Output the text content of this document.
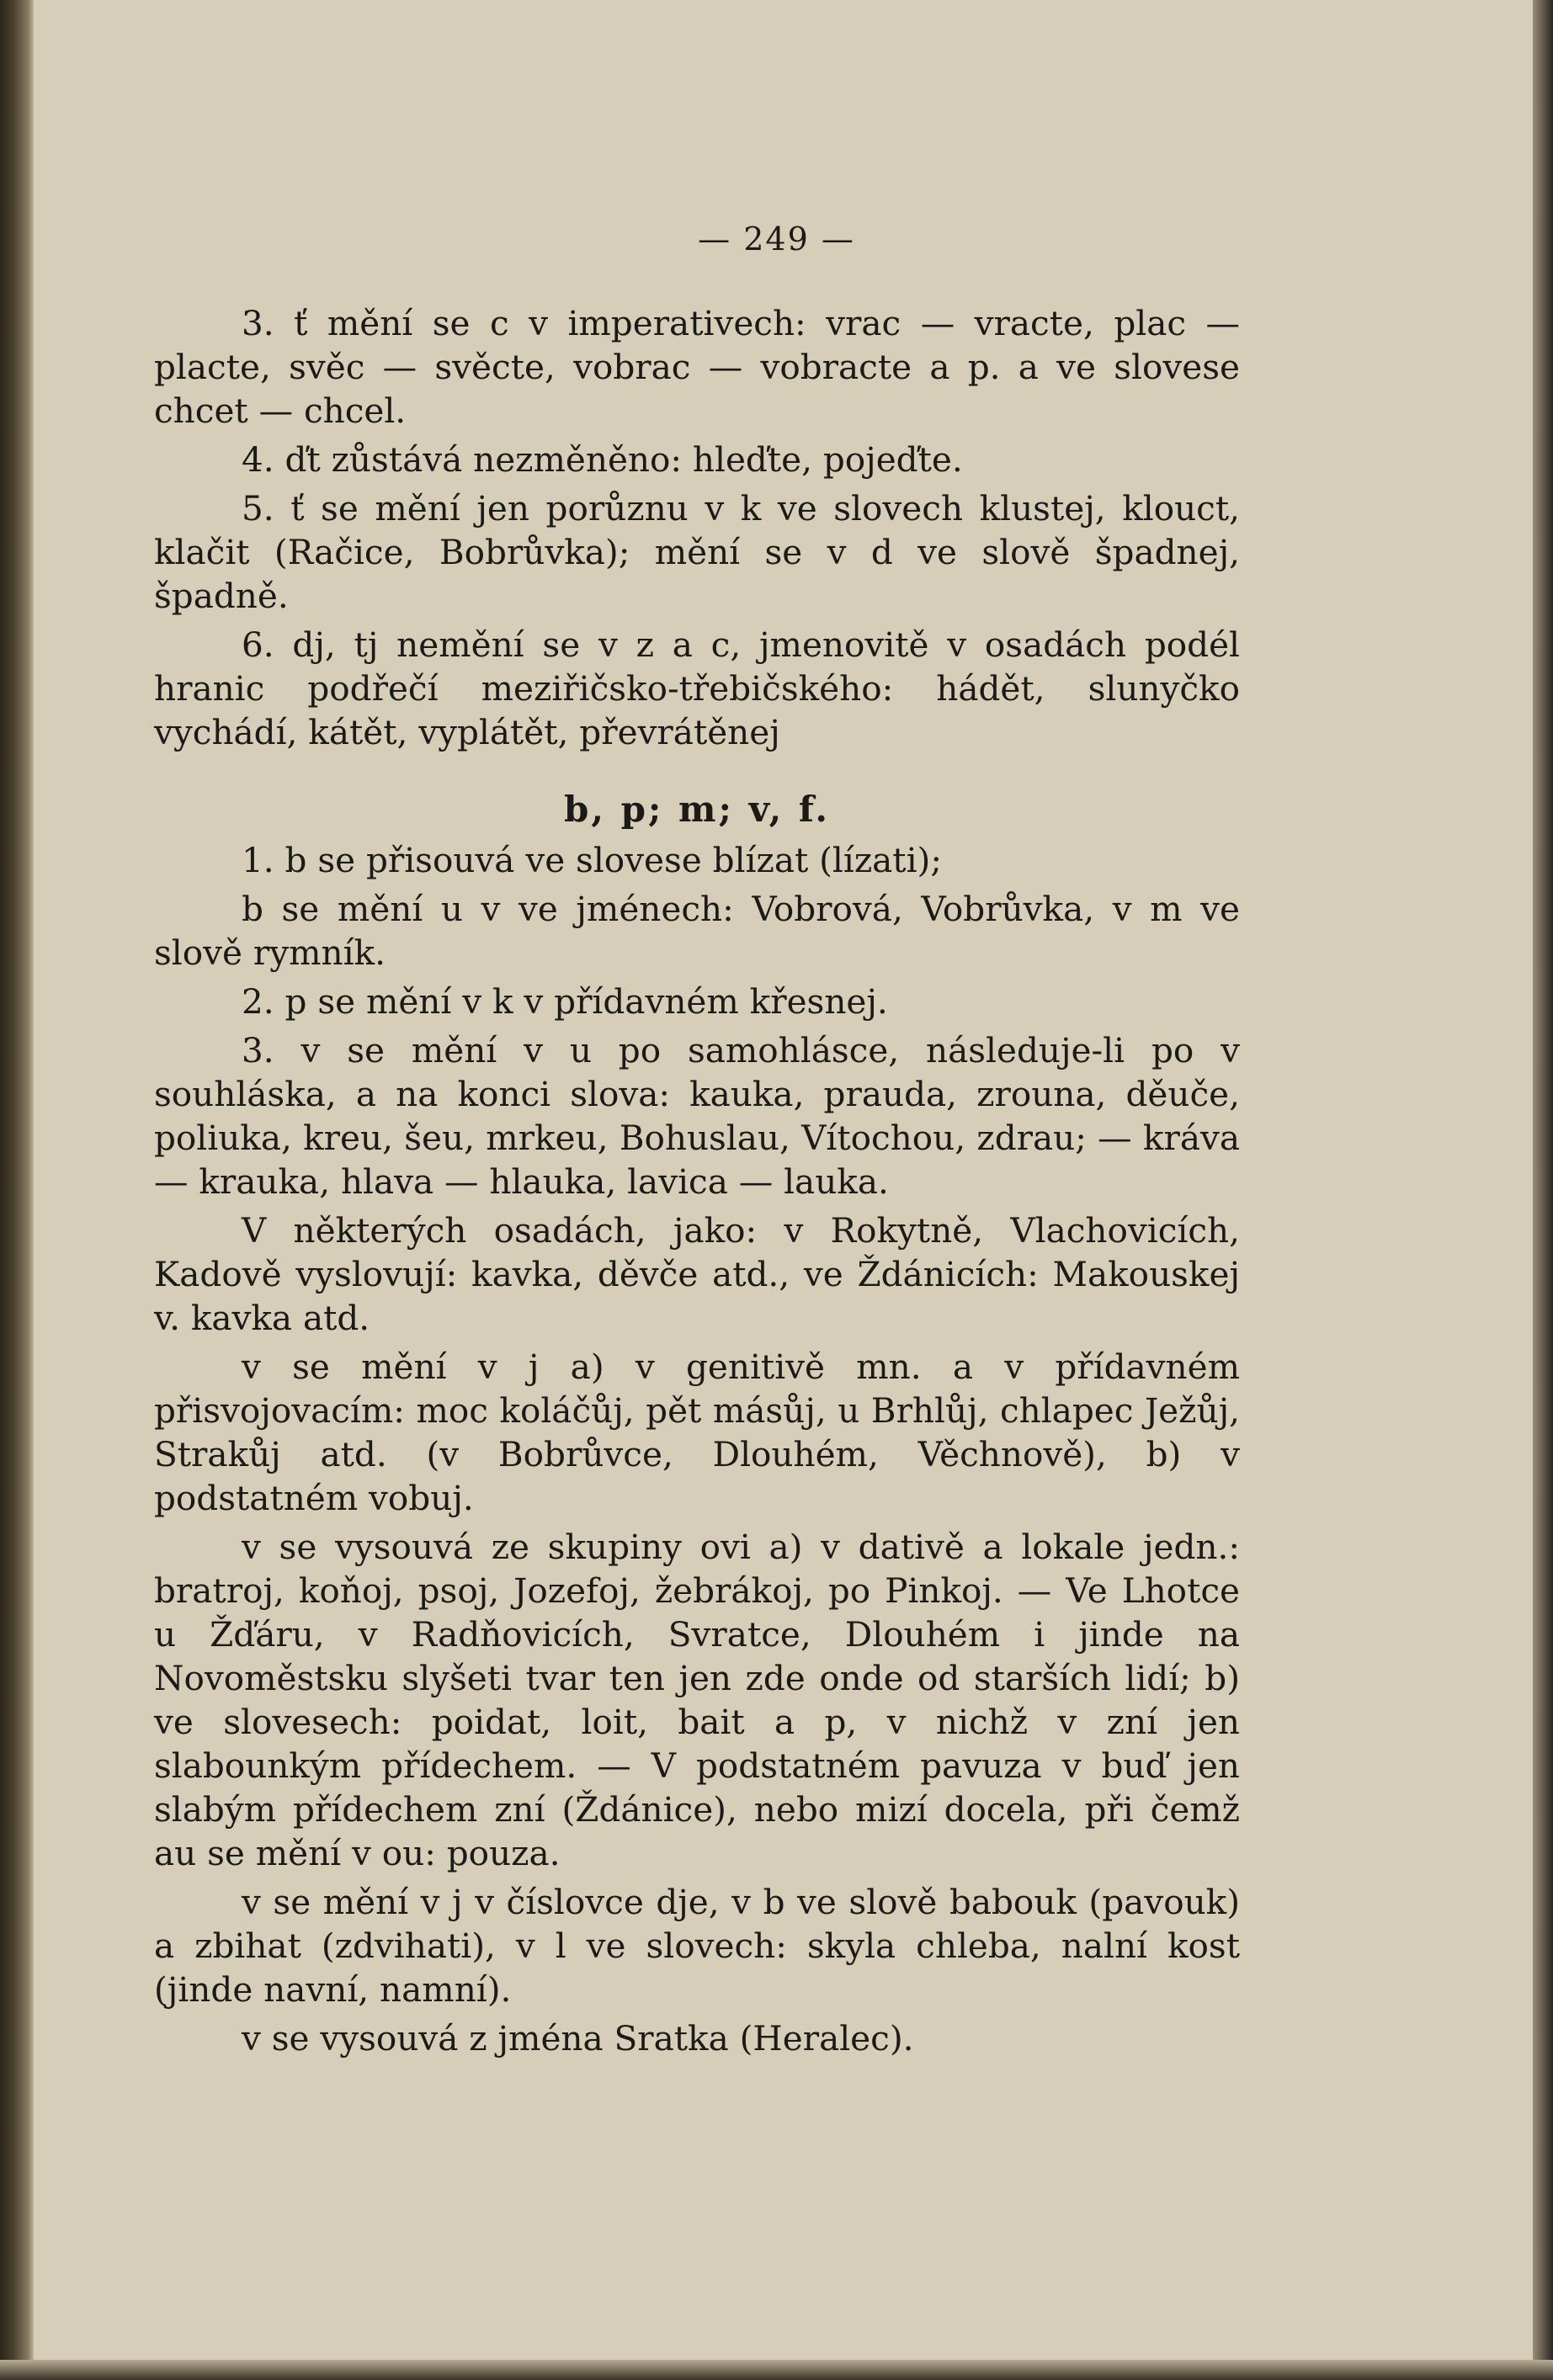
— 249 —

3. ť mění se c v imperativech: vrac — vracte, plac — placte, svěc — svěcte, vobrac — vobracte a p. a ve slovese chcet — chcel.

4. ďt zůstává nezměněno: hleďte, pojeďte.

5. ť se mění jen porůznu v k ve slovech klustej, klouct, klačit (Račice, Bobrůvka); mění se v d ve slově špadnej, špadně.

6. dj, tj nemění se v z a c, jmenovitě v osadách podél hranic podřečí meziřičsko-třebičského: hádět, slunyčko vychádí, kátět, vyplátět, převrátěnej

b, p; m; v, f.

1. b se přisouvá ve slovese blízat (lízati);

b se mění u v ve jménech: Vobrová, Vobrůvka, v m ve slově rymník.

2. p se mění v k v přídavném křesnej.

3. v se mění v u po samohlásce, následuje-li po v souhláska, a na konci slova: kauka, prauda, zrouna, děuče, poliuka, kreu, šeu, mrkeu, Bohuslau, Vítochou, zdrau; — kráva — krauka, hlava — hlauka, lavica — lauka.

V některých osadách, jako: v Rokytně, Vlachovicích, Kadově vyslovují: kavka, děvče atd., ve Ždánicích: Makouskej v. kavka atd.

v se mění v j a) v genitivě mn. a v přídavném přisvojovacím: moc koláčůj, pět másůj, u Brhlůj, chlapec Ježůj, Strakůj atd. (v Bobrůvce, Dlouhém, Věchnově), b) v podstatném vobuj.

v se vysouvá ze skupiny ovi a) v dativě a lokale jedn.: bratroj, koňoj, psoj, Jozefoj, žebrákoj, po Pinkoj. — Ve Lhotce u Žďáru, v Radňovicích, Svratce, Dlouhém i jinde na Novoměstsku slyšeti tvar ten jen zde onde od starších lidí; b) ve slovesech: poidat, loit, bait a p, v nichž v zní jen slabounkým přídechem. — V podstatném pavuza v buď jen slabým přídechem zní (Ždánice), nebo mizí docela, při čemž au se mění v ou: pouza.

v se mění v j v číslovce dje, v b ve slově babouk (pavouk) a zbihat (zdvihati), v l ve slovech: skyla chleba, nalní kost (jinde navní, namní).

v se vysouvá z jména Sratka (Heralec).
